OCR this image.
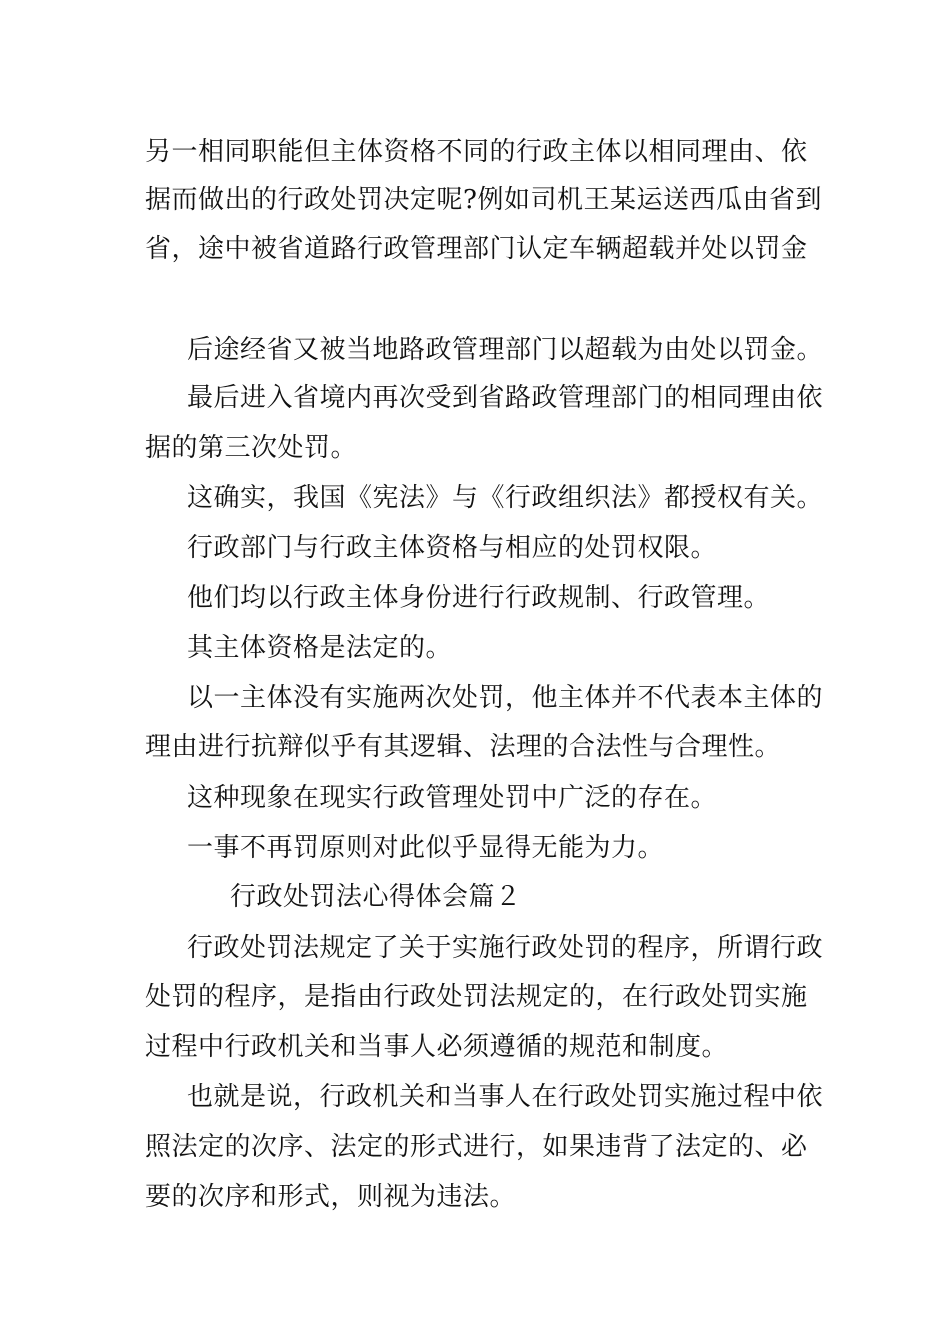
另一相同职能但主体资格不同的行政主体以相同理由、依
据而做出的行政处罚决定呢?例如司机王某运送西瓜由省到
省，途中被省道路行政管理部门认定车辆超载并处以罚金
后途经省又被当地路政管理部门以超载为由处以罚金。
最后进入省境内再次受到省路政管理部门的相同理由依
据的第三次处罚。
这确实，我国《宪法》与《行政组织法》都授权有关。
行政部门与行政主体资格与相应的处罚权限。
他们均以行政主体身份进行行政规制、行政管理。
其主体资格是法定的。
以一主体没有实施两次处罚，他主体并不代表本主体的
理由进行抗辩似乎有其逻辑、法理的合法性与合理性。
这种现象在现实行政管理处罚中广泛的存在。
一事不再罚原则对此似乎显得无能为力。
行政处罚法心得体会篇２
行政处罚法规定了关于实施行政处罚的程序，所谓行政
处罚的程序，是指由行政处罚法规定的，在行政处罚实施
过程中行政机关和当事人必须遵循的规范和制度。
也就是说，行政机关和当事人在行政处罚实施过程中依
照法定的次序、法定的形式进行，如果违背了法定的、必
要的次序和形式，则视为违法。
